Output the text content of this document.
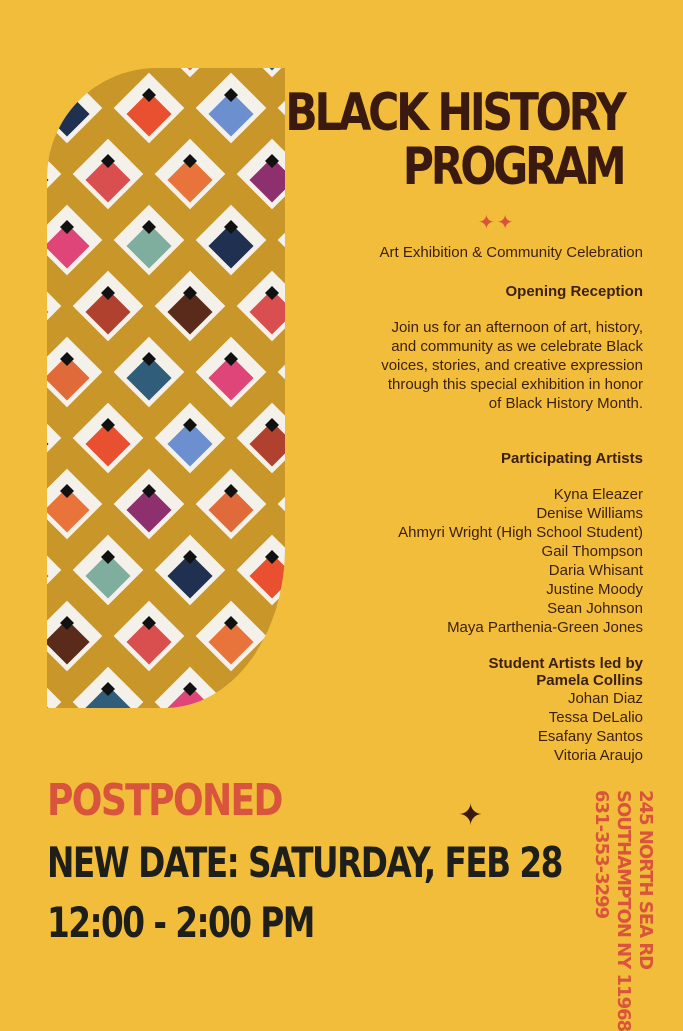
BLACK HISTORY
PROGRAM
✦✦
Art Exhibition & Community Celebration
Opening Reception
Join us for an afternoon of art, history,
and community as we celebrate Black
voices, stories, and creative expression
through this special exhibition in honor
of Black History Month.
Participating Artists
Kyna Eleazer
Denise Williams
Ahmyri Wright (High School Student)
Gail Thompson
Daria Whisant
Justine Moody
Sean Johnson
Maya Parthenia-Green Jones
Student Artists led by
Pamela Collins
Johan Diaz
Tessa DeLalio
Esafany Santos
Vitoria Araujo
POSTPONED	✦
NEW DATE: SATURDAY, FEB 28
12:00 - 2:00 PM	245 NORTH SEA RD
SOUTHAMPTON NY 11968
631-353-3299
